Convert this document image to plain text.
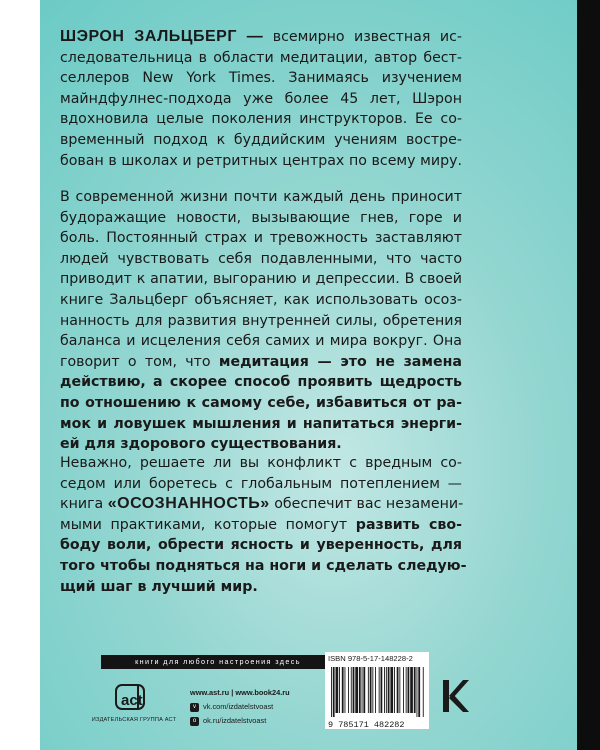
ШЭРОН ЗАЛЬЦБЕРГ — всемирно известная ис-
следовательница в области медитации, автор бест-
селлеров New York Times. Занимаясь изучением
майндфулнес-подхода уже более 45 лет, Шэрон
вдохновила целые поколения инструкторов. Ее со-
временный подход к буддийским учениям востре-
бован в школах и ретритных центрах по всему миру.

В современной жизни почти каждый день приносит
будоражащие новости, вызывающие гнев, горе и
боль. Постоянный страх и тревожность заставляют
людей чувствовать себя подавленными, что часто
приводит к апатии, выгоранию и депрессии. В своей
книге Зальцберг объясняет, как использовать осоз-
нанность для развития внутренней силы, обретения
баланса и исцеления себя самих и мира вокруг. Она
говорит о том, что медитация — это не замена
действию, а скорее способ проявить щедрость
по отношению к самому себе, избавиться от ра-
мок и ловушек мышления и напитаться энерги-
ей для здорового существования.

Неважно, решаете ли вы конфликт с вредным со-
седом или боретесь с глобальным потеплением —
книга «ОСОЗНАННОСТЬ» обеспечит вас незамени-
мыми практиками, которые помогут развить сво-
боду воли, обрести ясность и уверенность, для
того чтобы подняться на ноги и сделать следую-
щий шаг в лучший мир.

книги для любого настроения здесь
act
ИЗДАТЕЛЬСКАЯ ГРУППА АСТ
www.ast.ru | www.book24.ru
v vk.com/izdatelstvoast
o ok.ru/izdatelstvoast
ISBN 978-5-17-148228-2
9 785171 482282
